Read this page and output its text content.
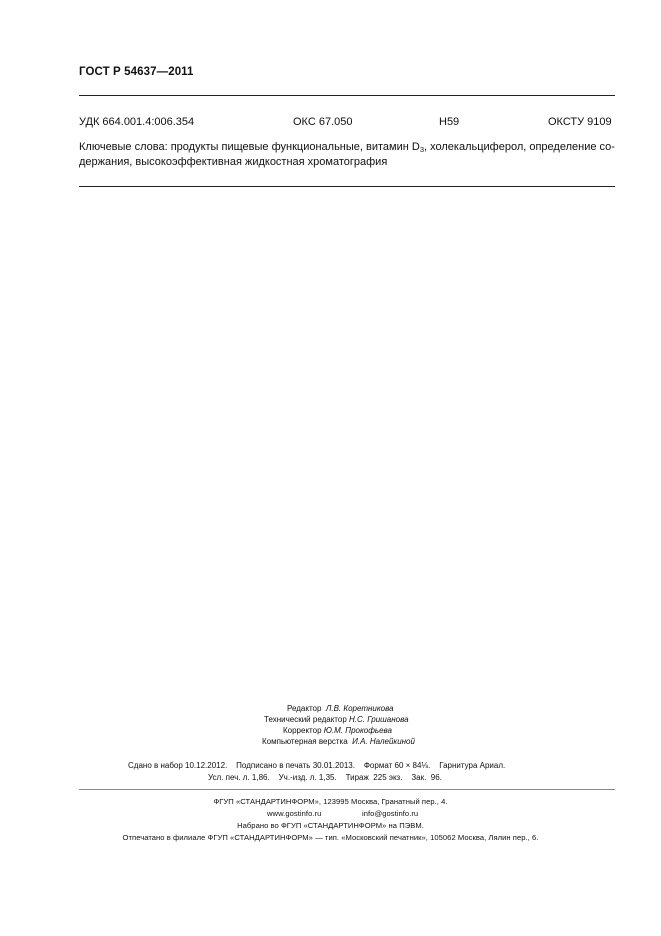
ГОСТ Р 54637—2011
УДК 664.001.4:006.354	ОКС 67.050	Н59	ОКСТУ 9109
Ключевые слова: продукты пищевые функциональные, витамин $D_3$, холекальциферол, определение со-
держания, высокоэффективная жидкостная хроматография
Редактор Л.В. Коретникова
Технический редактор Н.С. Гришанова
Корректор Ю.М. Прокофьева
Компьютерная верстка И.А. Налейкиной
Сдано в набор 10.12.2012.    Подписано в печать 30.01.2013.    Формат 60 × 84⅛.    Гарнитура Ариал.
Усл. печ. л. 1,86.    Уч.-изд. л. 1,35.    Тираж  225 экз.    Зак.  96.
ФГУП «СТАНДАРТИНФОРМ», 123995 Москва, Гранатный пер., 4.
www.gostinfo.ru	info@gostinfo.ru
Набрано во ФГУП «СТАНДАРТИНФОРМ» на ПЭВМ.
Отпечатано в филиале ФГУП «СТАНДАРТИНФОРМ» — тип. «Московский печатник», 105062 Москва, Лялин пер., 6.
